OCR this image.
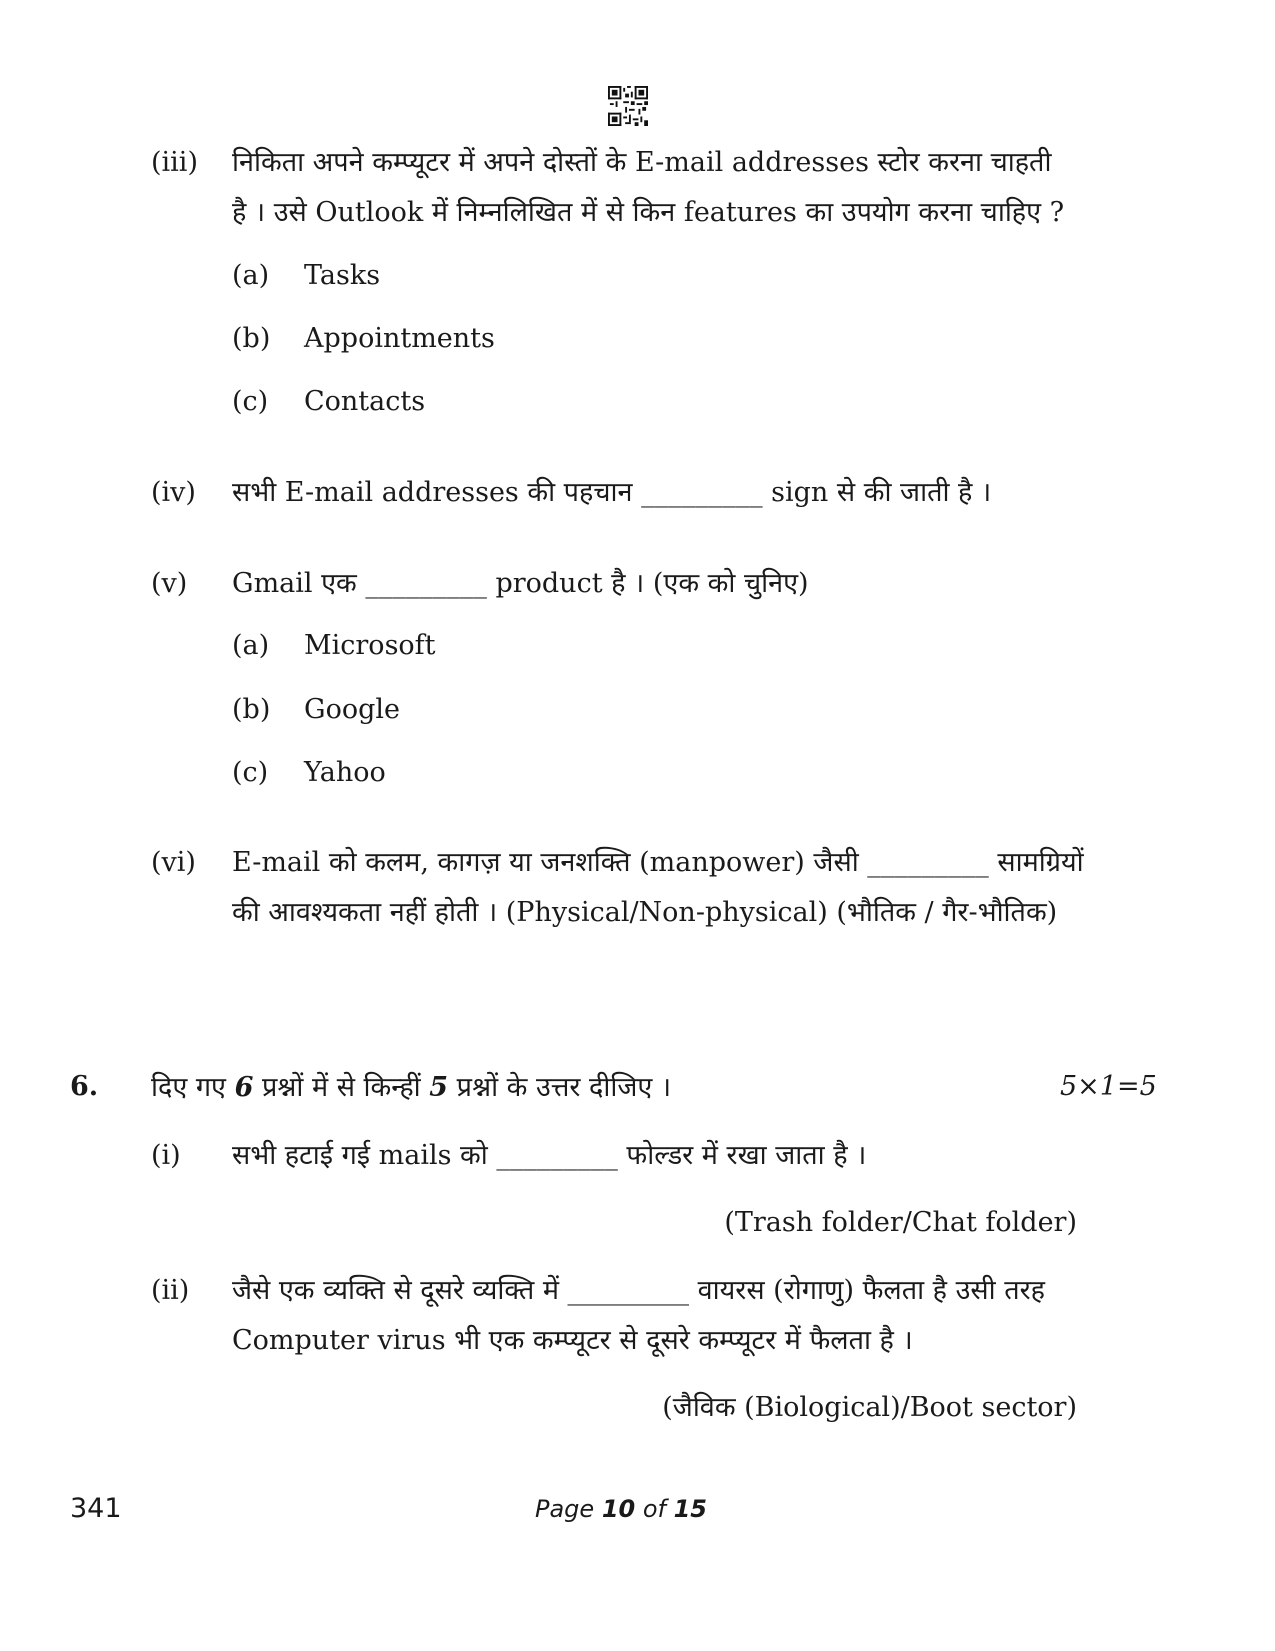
(iii) निकिता अपने कम्प्यूटर में अपने दोस्तों के E-mail addresses स्टोर करना चाहती
है । उसे Outlook में निम्नलिखित में से किन features का उपयोग करना चाहिए ?
(a) Tasks
(b) Appointments
(c) Contacts
(iv) सभी E-mail addresses की पहचान _________ sign से की जाती है ।
(v) Gmail एक _________ product है । (एक को चुनिए)
(a) Microsoft
(b) Google
(c) Yahoo
(vi) E-mail को कलम, कागज़ या जनशक्ति (manpower) जैसी _________ सामग्रियों
की आवश्यकता नहीं होती । (Physical/Non-physical) (भौतिक / गैर-भौतिक)
6. दिए गए 6 प्रश्नों में से किन्हीं 5 प्रश्नों के उत्तर दीजिए ।	5×1=5
(i) सभी हटाई गई mails को _________ फोल्डर में रखा जाता है ।
(Trash folder/Chat folder)
(ii) जैसे एक व्यक्ति से दूसरे व्यक्ति में _________ वायरस (रोगाणु) फैलता है उसी तरह
Computer virus भी एक कम्प्यूटर से दूसरे कम्प्यूटर में फैलता है ।
(जैविक (Biological)/Boot sector)
341	Page 10 of 15
